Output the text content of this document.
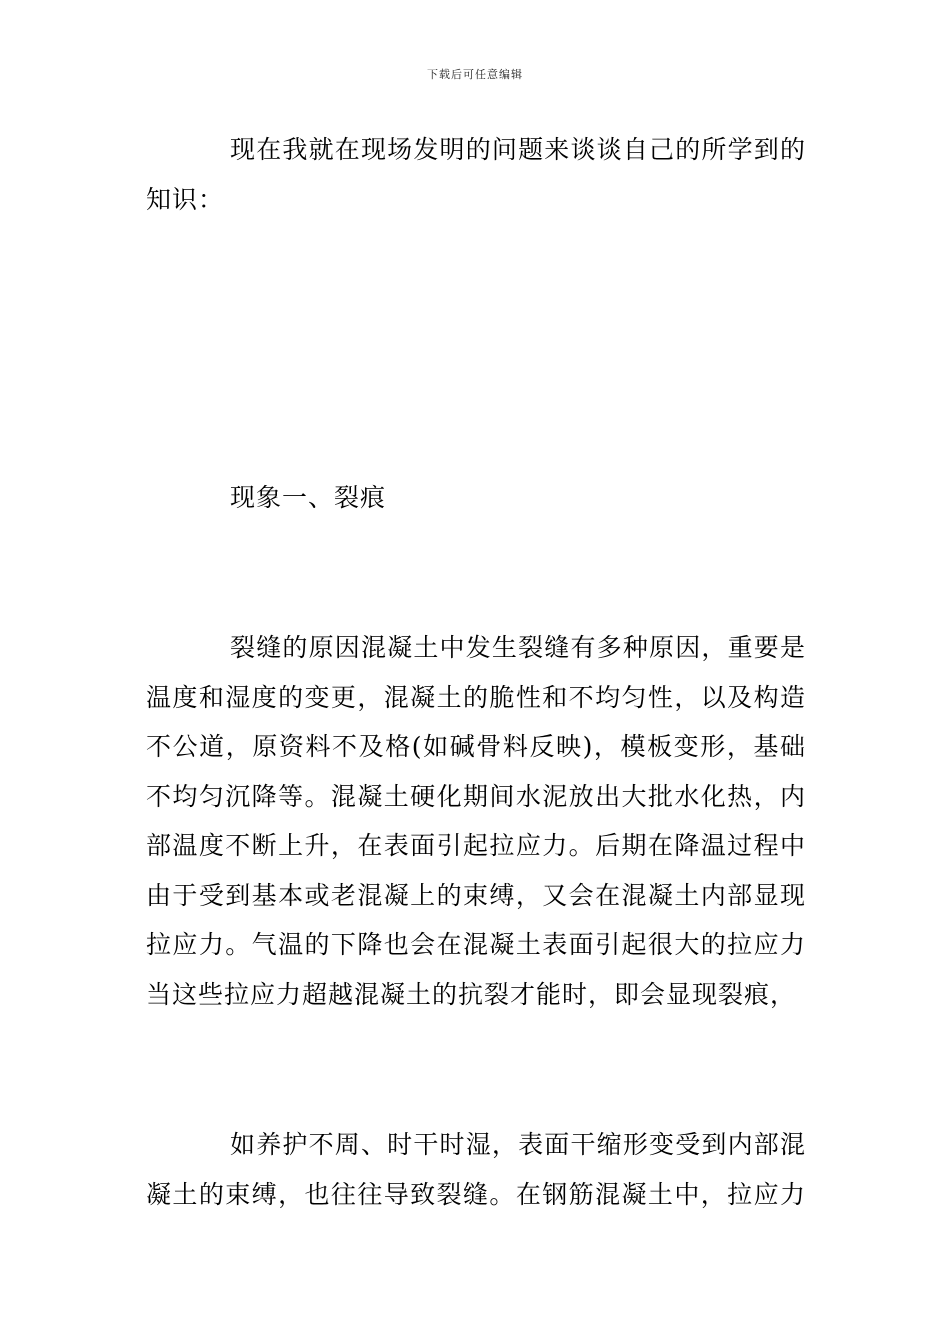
下载后可任意编辑
现在我就在现场发明的问题来谈谈自己的所学到的
知识：
现象一、裂痕
裂缝的原因混凝土中发生裂缝有多种原因，重要是
温度和湿度的变更，混凝土的脆性和不均匀性，以及构造
不公道，原资料不及格(如碱骨料反映)，模板变形，基础
不均匀沉降等。混凝土硬化期间水泥放出大批水化热，内
部温度不断上升，在表面引起拉应力。后期在降温过程中
由于受到基本或老混凝上的束缚，又会在混凝土内部显现
拉应力。气温的下降也会在混凝土表面引起很大的拉应力
当这些拉应力超越混凝土的抗裂才能时，即会显现裂痕，
如养护不周、时干时湿，表面干缩形变受到内部混
凝土的束缚，也往往导致裂缝。在钢筋混凝土中，拉应力
